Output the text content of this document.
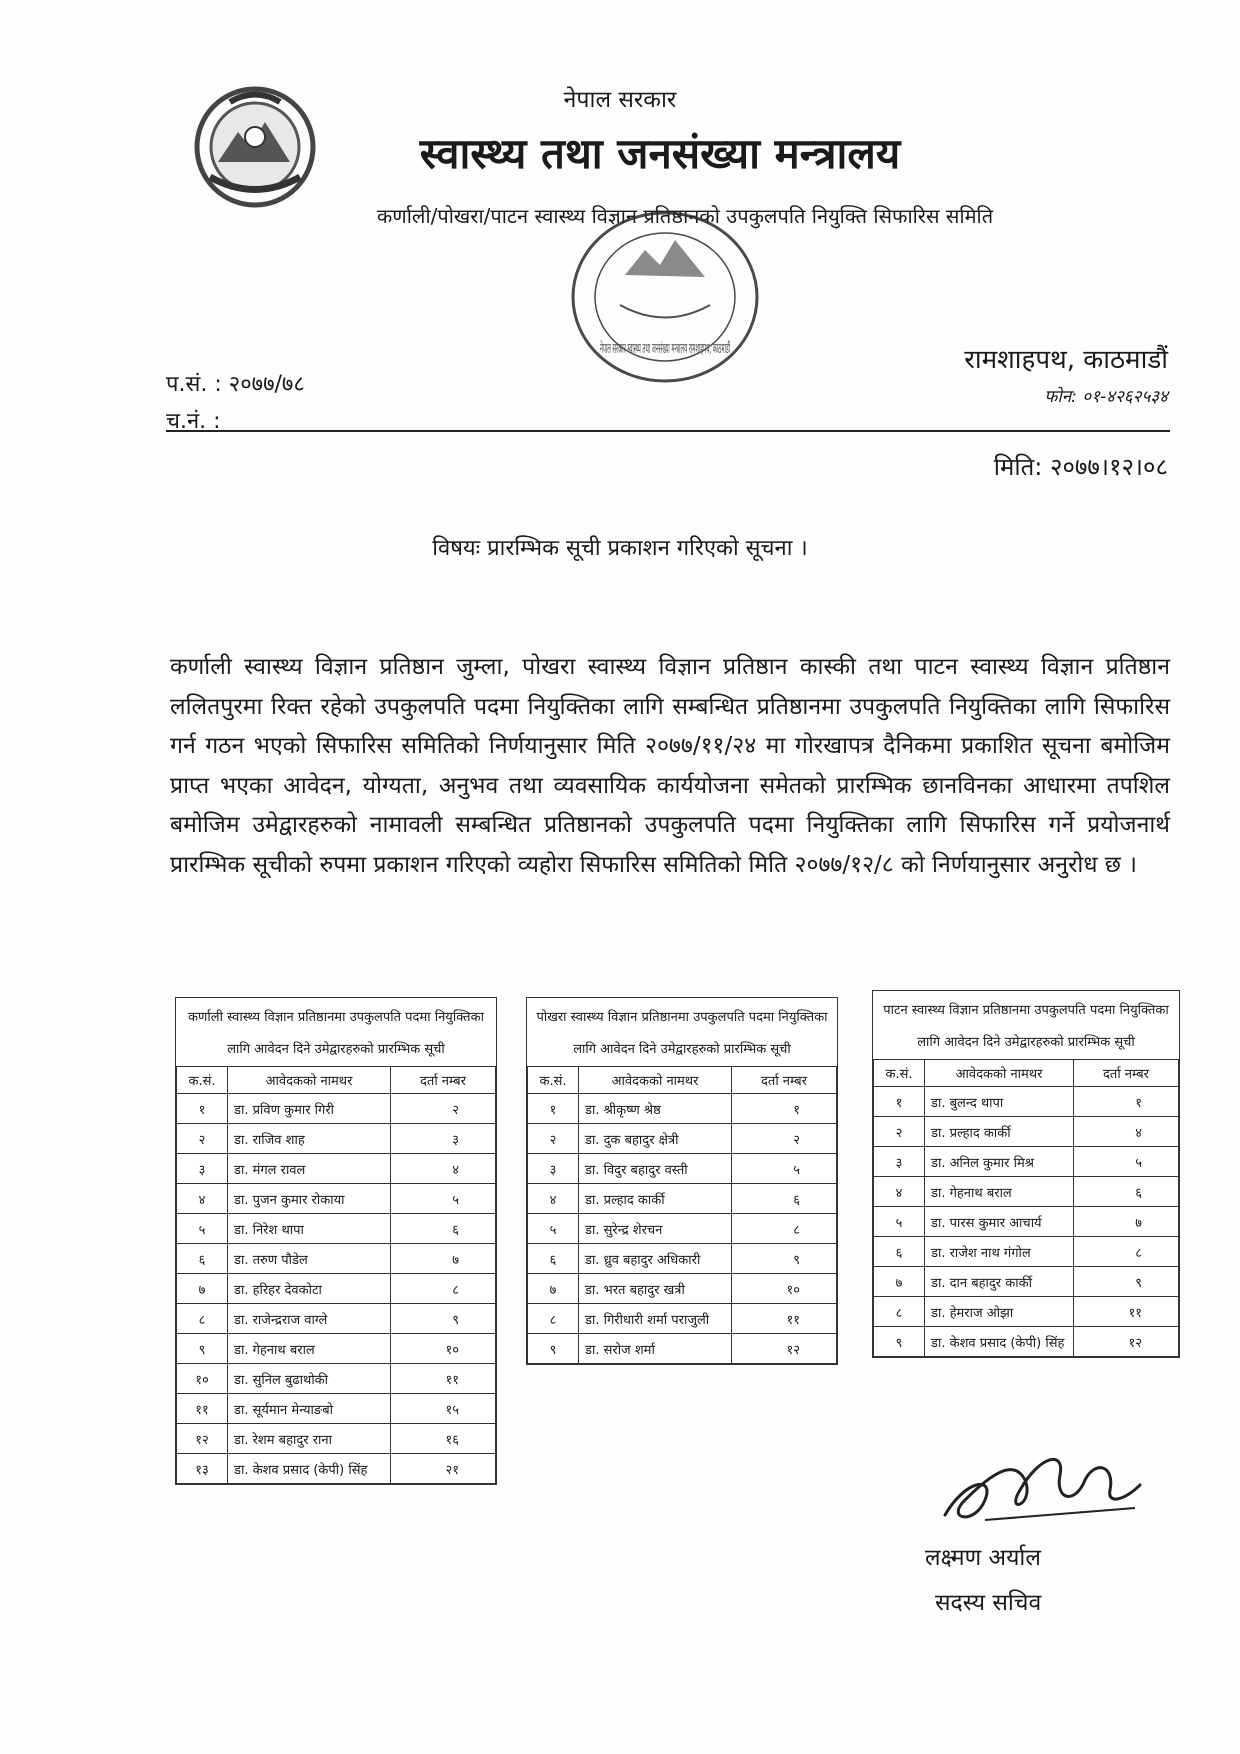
नेपाल सरकार
स्वास्थ्य तथा जनसंख्या मन्त्रालय
कर्णाली/पोखरा/पाटन स्वास्थ्य विज्ञान प्रतिष्ठानको उपकुलपति नियुक्ति सिफारिस समिति
नेपाल सरकार स्वास्थ्य तथा जनसंख्या मन्त्रालय रामशाहपथ, काठमाडौं
प.सं. : २०७७/७८
च.नं. :
रामशाहपथ, काठमाडौं
फोन: ०१-४२६२५३४
मिति: २०७७।१२।०८
विषयः प्रारम्भिक सूची प्रकाशन गरिएको सूचना ।
कर्णाली स्वास्थ्य विज्ञान प्रतिष्ठान जुम्ला, पोखरा स्वास्थ्य विज्ञान प्रतिष्ठान कास्की तथा पाटन स्वास्थ्य विज्ञान प्रतिष्ठान ललितपुरमा रिक्त रहेको उपकुलपति पदमा नियुक्तिका लागि सम्बन्धित प्रतिष्ठानमा उपकुलपति नियुक्तिका लागि सिफारिस गर्न गठन भएको सिफारिस समितिको निर्णयानुसार मिति २०७७/११/२४ मा गोरखापत्र दैनिकमा प्रकाशित सूचना बमोजिम प्राप्त भएका आवेदन, योग्यता, अनुभव तथा व्यवसायिक कार्ययोजना समेतको प्रारम्भिक छानविनका आधारमा तपशिल बमोजिम उमेद्वारहरुको नामावली सम्बन्धित प्रतिष्ठानको उपकुलपति पदमा नियुक्तिका लागि सिफारिस गर्ने प्रयोजनार्थ प्रारम्भिक सूचीको रुपमा प्रकाशन गरिएको व्यहोरा सिफारिस समितिको मिति २०७७/१२/८ को निर्णयानुसार अनुरोध छ ।
कर्णाली स्वास्थ्य विज्ञान प्रतिष्ठानमा उपकुलपति पदमा नियुक्तिका लागि आवेदन दिने उमेद्वारहरुको प्रारम्भिक सूची
क.सं.	आवेदकको नामथर	दर्ता नम्बर
१	डा. प्रविण कुमार गिरी	२
२	डा. राजिव शाह	३
३	डा. मंगल रावल	४
४	डा. पुजन कुमार रोकाया	५
५	डा. निरेश थापा	६
६	डा. तरुण पौडेल	७
७	डा. हरिहर देवकोटा	८
८	डा. राजेन्द्रराज वाग्ले	९
९	डा. गेहनाथ बराल	१०
१०	डा. सुनिल बुढाथोकी	११
११	डा. सूर्यमान मेन्याङबो	१५
१२	डा. रेशम बहादुर राना	१६
१३	डा. केशव प्रसाद (केपी) सिंह	२१
पोखरा स्वास्थ्य विज्ञान प्रतिष्ठानमा उपकुलपति पदमा नियुक्तिका लागि आवेदन दिने उमेद्वारहरुको प्रारम्भिक सूची
क.सं.	आवेदकको नामथर	दर्ता नम्बर
१	डा. श्रीकृष्ण श्रेष्ठ	१
२	डा. दुक बहादुर क्षेत्री	२
३	डा. विदुर बहादुर वस्ती	५
४	डा. प्रल्हाद कार्की	६
५	डा. सुरेन्द्र शेरचन	८
६	डा. ध्रुव बहादुर अधिकारी	९
७	डा. भरत बहादुर खत्री	१०
८	डा. गिरीधारी शर्मा पराजुली	११
९	डा. सरोज शर्मा	१२
पाटन स्वास्थ्य विज्ञान प्रतिष्ठानमा उपकुलपति पदमा नियुक्तिका लागि आवेदन दिने उमेद्वारहरुको प्रारम्भिक सूची
क.सं.	आवेदकको नामथर	दर्ता नम्बर
१	डा. बुलन्द थापा	१
२	डा. प्रल्हाद कार्की	४
३	डा. अनिल कुमार मिश्र	५
४	डा. गेहनाथ बराल	६
५	डा. पारस कुमार आचार्य	७
६	डा. राजेश नाथ गंगोल	८
७	डा. दान बहादुर कार्की	९
८	डा. हेमराज ओझा	११
९	डा. केशव प्रसाद (केपी) सिंह	१२
लक्ष्मण अर्याल
सदस्य सचिव
